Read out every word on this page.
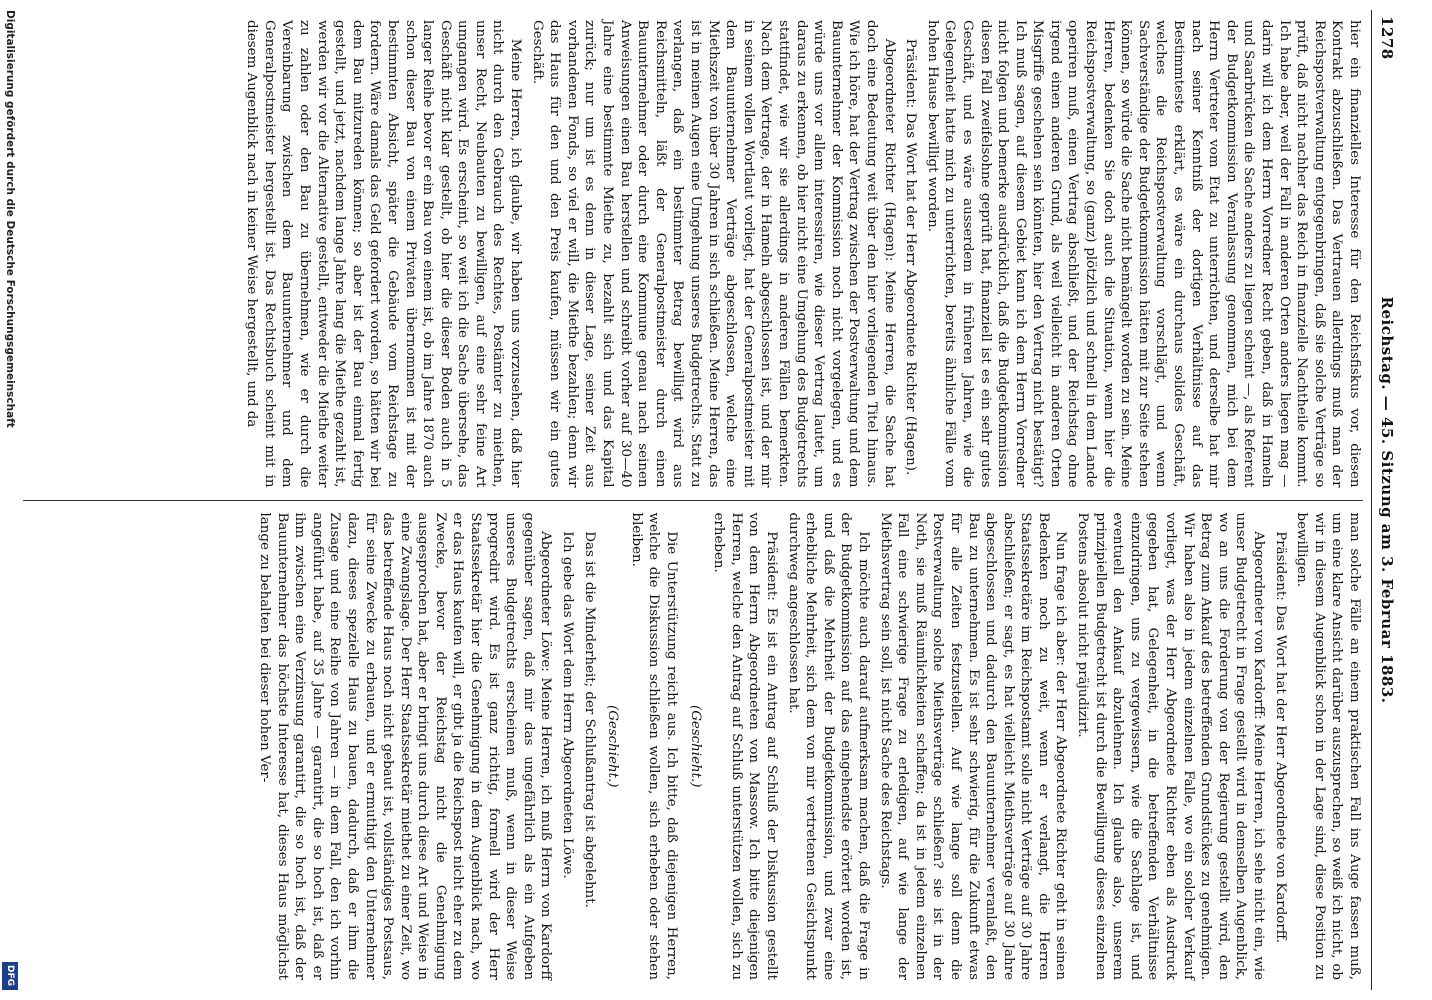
1278
Reichstag. — 45. Sitzung am 3. Februar 1883.

hier ein finanzielles Interesse für den Reichsfiskus vor, diesen Kontrakt abzuschließen. Das Vertrauen allerdings muß man der Reichspostverwaltung entgegenbringen, daß sie solche Verträge so prüft, daß nicht nachher das Reich in finanzielle Nachtheile kommt. Ich habe aber, weil der Fall in anderen Orten anders liegen mag — darin will ich dem Herrn Vorredner Recht geben, daß in Hameln und Saarbrücken die Sache anders zu liegen scheint —, als Referent der Budgetkommission Veranlassung genommen, mich bei dem Herrn Vertreter vom Etat zu unterrichten, und derselbe hat mir nach seiner Kenntniß der dortigen Verhältnisse auf das Bestimmteste erklärt, es wäre ein durchaus solides Geschäft, welches die Reichspostverwaltung vorschlägt, und wenn Sachverständige der Budgetkommission hätten mit zur Seite stehen können, so würde die Sache nicht bemängelt worden zu sein. Meine Herren, bedenken Sie doch auch die Situation, wenn hier die Reichspostverwaltung, so (ganz) plötzlich und schnell in dem Lande operiren muß, einen Vertrag abschließt, und der Reichstag ohne irgend einen anderen Grund, als weil vielleicht in anderen Orten Misgriffe geschehen sein könnten, hier den Vertrag nicht bestätigt? Ich muß sagen, auf diesem Gebiet kann ich dem Herrn Vorredner nicht folgen und bemerke ausdrücklich, daß die Budgetkommission diesen Fall zweifelsohne geprüft hat, finanziell ist es ein sehr gutes Geschäft, und es wäre ausserdem in früheren Jahren, wie die Gelegenheit hatte mich zu unterrichten, bereits ähnliche Fälle vom hohen Hause bewilligt worden.

Präsident: Das Wort hat der Herr Abgeordnete Richter (Hagen).

Abgeordneter Richter (Hagen): Meine Herren, die Sache hat doch eine Bedeutung weit über den hier vorliegenden Titel hinaus. Wie ich höre, hat der Vertrag zwischen der Postverwaltung und dem Bauunternehmer der Kommission noch nicht vorgelegen, und es würde uns vor allem interessiren, wie dieser Vertrag lautet, um daraus zu erkennen, ob hier nicht eine Umgehung des Budgetrechts stattfindet, wie wir sie allerdings in anderen Fällen bemerkten. Nach dem Vertrage, der in Hameln abgeschlossen ist, und der mir in seinem vollen Wortlaut vorliegt, hat der Generalpostmeister mit dem Bauunternehmer Verträge abgeschlossen, welche eine Miethszeit von über 30 Jahren in sich schließen. Meine Herren, das ist in meinen Augen eine Umgehung unseres Budgetrechts. Statt zu verlangen, daß ein bestimmter Betrag bewilligt wird aus Reichsmitteln, läßt der Generalpostmeister durch einen Bauunternehmer oder durch eine Kommune genau nach seinen Anweisungen einen Bau herstellen und schreibt vorher auf 30—40 Jahre eine bestimmte Miethe zu, bezahlt sich und das Kapital zurück; nur um ist es denn in dieser Lage, seiner Zeit aus vorhandenen Fonds, so viel er will, die Miethe bezahlen; denn wir das Haus für den und den Preis kaufen, müssen wir ein gutes Geschäft.

Meine Herren, ich glaube, wir haben uns vorzusehen, daß hier nicht durch den Gebrauch des Rechtes, Postämter zu miethen, unser Recht, Neubauten zu bewilligen, auf eine sehr feine Art umgangen wird. Es erscheint, so weit ich die Sache übersehe, das Geschäft nicht klar gestellt, ob hier die dieser Boden auch in 5 langer Reihe bevor er ein Bau von einem ist, ob im Jahre 1870 auch schon dieser Bau von einem Privaten übernommen ist mit der bestimmten Absicht, später die Gebäude vom Reichstage zu fordern. Wäre damals das Geld gefordert worden, so hätten wir bei dem Bau mitzureden können; so aber ist der Bau einmal fertig gestellt, und jetzt, nachdem lange Jahre lang die Miethe gezahlt ist, werden wir vor die Alternative gestellt, entweder die Miethe weiter zu zahlen oder den Bau zu übernehmen, wie er durch die Vereinbarung zwischen dem Bauunternehmer und dem Generalpostmeister hergestellt ist. Das Rechtsbuch scheint mit in diesem Augenblick nach in keiner Weise hergestellt, und da

man solche Fälle an einem praktischen Fall ins Auge fassen muß, um eine klare Ansicht darüber auszusprechen, so weiß ich nicht, ob wir in diesem Augenblick schon in der Lage sind, diese Position zu bewilligen.

Präsident: Das Wort hat der Herr Abgeordnete von Kardorff.

Abgeordneter von Kardorff: Meine Herren, ich sehe nicht ein, wie unser Budgetrecht in Frage gestellt wird in demselben Augenblick, wo an uns die Forderung von der Regierung gestellt wird, den Betrag zum Ankauf des betreffenden Grundstückes zu genehmigen. Wir haben also in jedem einzelnen Falle, wo ein solcher Verkauf vorliegt, was der Herr Abgeordnete Richter eben als Ausdruck gegeben hat, Gelegenheit, in die betreffenden Verhältnisse einzudringen, uns zu vergewissern, wie die Sachlage ist, und eventuell den Ankauf abzulehnen. Ich glaube also, unserem prinzipiellen Budgetrecht ist durch die Bewilligung dieses einzelnen Postens absolut nicht präjudizirt.

Nun frage ich aber: der Herr Abgeordnete Richter geht in seinen Bedenken noch zu weit, wenn er verlangt, die Herren Staatssekretäre im Reichspostamt solle nicht Verträge auf 30 Jahre abschließen; er sagt, es hat vielleicht Miethsverträge auf 30 Jahre abgeschlossen und dadurch den Bauunternehmer veranlaßt, den Bau zu unternehmen. Es ist sehr schwierig, für die Zukunft etwas für alle Zeiten festzustellen. Auf wie lange soll denn die Postverwaltung solche Miethsverträge schließen? sie ist in der Noth, sie muß Räumlichkeiten schaffen; da ist in jedem einzelnen Fall eine schwierige Frage zu erledigen, auf wie lange der Miethsvertrag sein soll, ist nicht Sache des Reichstags.

Ich möchte auch darauf aufmerksam machen, daß die Frage in der Budgetkommission auf das eingehendste erörtert worden ist, und daß die Mehrheit der Budgetkommission, und zwar eine erhebliche Mehrheit, sich dem von mir vertretenen Gesichtspunkt durchweg angeschlossen hat.

Präsident: Es ist ein Antrag auf Schluß der Diskussion gestellt von dem Herrn Abgeordneten von Massow. Ich bitte diejenigen Herren, welche den Antrag auf Schluß unterstützen wollen, sich zu erheben.

(Geschieht.)

Die Unterstützung reicht aus. Ich bitte, daß diejenigen Herren, welche die Diskussion schließen wollen, sich erheben oder stehen bleiben.

(Geschieht.)

Das ist die Minderheit; der Schlußantrag ist abgelehnt.

Ich gebe das Wort dem Herrn Abgeordneten Löwe.

Abgeordneter Löwe: Meine Herren, ich muß Herrn von Kardorff gegenüber sagen, daß mir das ungefährlich als ein Aufgeben unseres Budgetrechts erscheinen muß, wenn in dieser Weise progredirt wird. Es ist ganz richtig, formell wird der Herr Staatssekretär hier die Genehmigung in dem Augenblick nach, wo er das Haus kaufen will, er gibt ja die Reichspost nicht eher zu dem Zwecke, bevor der Reichstag nicht die Genehmigung ausgesprochen hat, aber er bringt uns durch diese Art und Weise in eine Zwangslage. Der Herr Staatssekretär miethet zu einer Zeit, wo das betreffende Haus noch nicht gebaut ist, vollständiges Postsaus, für seine Zwecke zu erbauen, und er ermuthigt den Unternehmer dazu, dieses spezielle Haus zu bauen, dadurch, daß er ihm die Zusage und eine Reihe von Jahren — in dem Fall, den ich vorhin angeführt habe, auf 35 Jahre — garantirt, die so hoch ist, daß er ihm zwischen eine Verzinsung garantirt, die so hoch ist, daß der Bauunternehmer das höchste Interesse hat, dieses Haus möglichst lange zu behalten bei dieser hohen Ver-

Digitalisierung gefördert durch die Deutsche Forschungsgemeinschaft
DFG
